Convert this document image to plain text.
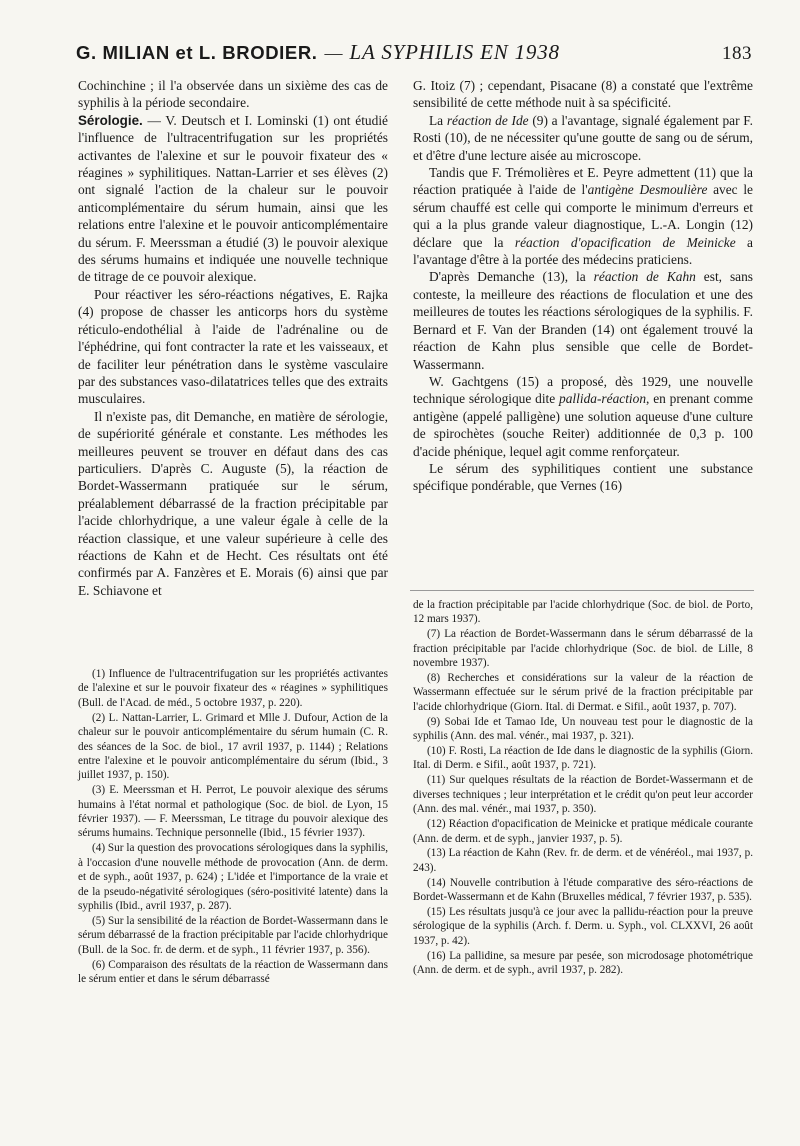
G. MILIAN et L. BRODIER. — LA SYPHILIS EN 1938	183

Cochinchine ; il l'a observée dans un sixième des cas de syphilis à la période secondaire.

Sérologie. — V. Deutsch et I. Lominski (1) ont étudié l'influence de l'ultracentrifugation sur les propriétés activantes de l'alexine et sur le pouvoir fixateur des « réagines » syphilitiques. Nattan-Larrier et ses élèves (2) ont signalé l'action de la chaleur sur le pouvoir anticomplémentaire du sérum humain, ainsi que les relations entre l'alexine et le pouvoir anticomplémentaire du sérum. F. Meerssman a étudié (3) le pouvoir alexique des sérums humains et indiquée une nouvelle technique de titrage de ce pouvoir alexique.

Pour réactiver les séro-réactions négatives, E. Rajka (4) propose de chasser les anticorps hors du système réticulo-endothélial à l'aide de l'adrénaline ou de l'éphédrine, qui font contracter la rate et les vaisseaux, et de faciliter leur pénétration dans le système vasculaire par des substances vaso-dilatatrices telles que des extraits musculaires.

Il n'existe pas, dit Demanche, en matière de sérologie, de supériorité générale et constante. Les méthodes les meilleures peuvent se trouver en défaut dans des cas particuliers. D'après C. Auguste (5), la réaction de Bordet-Wassermann pratiquée sur le sérum, préalablement débarrassé de la fraction précipitable par l'acide chlorhydrique, a une valeur égale à celle de la réaction classique, et une valeur supérieure à celle des réactions de Kahn et de Hecht. Ces résultats ont été confirmés par A. Fanzères et E. Morais (6) ainsi que par E. Schiavone et

G. Itoiz (7) ; cependant, Pisacane (8) a constaté que l'extrême sensibilité de cette méthode nuit à sa spécificité.

La réaction de Ide (9) a l'avantage, signalé également par F. Rosti (10), de ne nécessiter qu'une goutte de sang ou de sérum, et d'être d'une lecture aisée au microscope.

Tandis que F. Trémolières et E. Peyre admettent (11) que la réaction pratiquée à l'aide de l'antigène Desmoulière avec le sérum chauffé est celle qui comporte le minimum d'erreurs et qui a la plus grande valeur diagnostique, L.-A. Longin (12) déclare que la réaction d'opacification de Meinicke a l'avantage d'être à la portée des médecins praticiens.

D'après Demanche (13), la réaction de Kahn est, sans conteste, la meilleure des réactions de floculation et une des meilleures de toutes les réactions sérologiques de la syphilis. F. Bernard et F. Van der Branden (14) ont également trouvé la réaction de Kahn plus sensible que celle de Bordet-Wassermann.

W. Gachtgens (15) a proposé, dès 1929, une nouvelle technique sérologique dite pallida-réaction, en prenant comme antigène (appelé palligène) une solution aqueuse d'une culture de spirochètes (souche Reiter) additionnée de 0,3 p. 100 d'acide phénique, lequel agit comme renforçateur.

Le sérum des syphilitiques contient une substance spécifique pondérable, que Vernes (16)

(1) Influence de l'ultracentrifugation sur les propriétés activantes de l'alexine et sur le pouvoir fixateur des « réagines » syphilitiques (Bull. de l'Acad. de méd., 5 octobre 1937, p. 220).

(2) L. Nattan-Larrier, L. Grimard et Mlle J. Dufour, Action de la chaleur sur le pouvoir anticomplémentaire du sérum humain (C. R. des séances de la Soc. de biol., 17 avril 1937, p. 1144) ; Relations entre l'alexine et le pouvoir anticomplémentaire du sérum (Ibid., 3 juillet 1937, p. 150).

(3) E. Meerssman et H. Perrot, Le pouvoir alexique des sérums humains à l'état normal et pathologique (Soc. de biol. de Lyon, 15 février 1937). — F. Meerssman, Le titrage du pouvoir alexique des sérums humains. Technique personnelle (Ibid., 15 février 1937).

(4) Sur la question des provocations sérologiques dans la syphilis, à l'occasion d'une nouvelle méthode de provocation (Ann. de derm. et de syph., août 1937, p. 624) ; L'idée et l'importance de la vraie et de la pseudo-négativité sérologiques (séro-positivité latente) dans la syphilis (Ibid., avril 1937, p. 287).

(5) Sur la sensibilité de la réaction de Bordet-Wassermann dans le sérum débarrassé de la fraction précipitable par l'acide chlorhydrique (Bull. de la Soc. fr. de derm. et de syph., 11 février 1937, p. 356).

(6) Comparaison des résultats de la réaction de Wassermann dans le sérum entier et dans le sérum débarrassé

de la fraction précipitable par l'acide chlorhydrique (Soc. de biol. de Porto, 12 mars 1937).

(7) La réaction de Bordet-Wassermann dans le sérum débarrassé de la fraction précipitable par l'acide chlorhydrique (Soc. de biol. de Lille, 8 novembre 1937).

(8) Recherches et considérations sur la valeur de la réaction de Wassermann effectuée sur le sérum privé de la fraction précipitable par l'acide chlorhydrique (Giorn. Ital. di Dermat. e Sifil., août 1937, p. 707).

(9) Sobai Ide et Tamao Ide, Un nouveau test pour le diagnostic de la syphilis (Ann. des mal. vénér., mai 1937, p. 321).

(10) F. Rosti, La réaction de Ide dans le diagnostic de la syphilis (Giorn. Ital. di Derm. e Sifil., août 1937, p. 721).

(11) Sur quelques résultats de la réaction de Bordet-Wassermann et de diverses techniques ; leur interprétation et le crédit qu'on peut leur accorder (Ann. des mal. vénér., mai 1937, p. 350).

(12) Réaction d'opacification de Meinicke et pratique médicale courante (Ann. de derm. et de syph., janvier 1937, p. 5).

(13) La réaction de Kahn (Rev. fr. de derm. et de vénéréol., mai 1937, p. 243).

(14) Nouvelle contribution à l'étude comparative des séro-réactions de Bordet-Wassermann et de Kahn (Bruxelles médical, 7 février 1937, p. 535).

(15) Les résultats jusqu'à ce jour avec la pallidu-réaction pour la preuve sérologique de la syphilis (Arch. f. Derm. u. Syph., vol. CLXXVI, 26 août 1937, p. 42).

(16) La pallidine, sa mesure par pesée, son microdosage photométrique (Ann. de derm. et de syph., avril 1937, p. 282).
